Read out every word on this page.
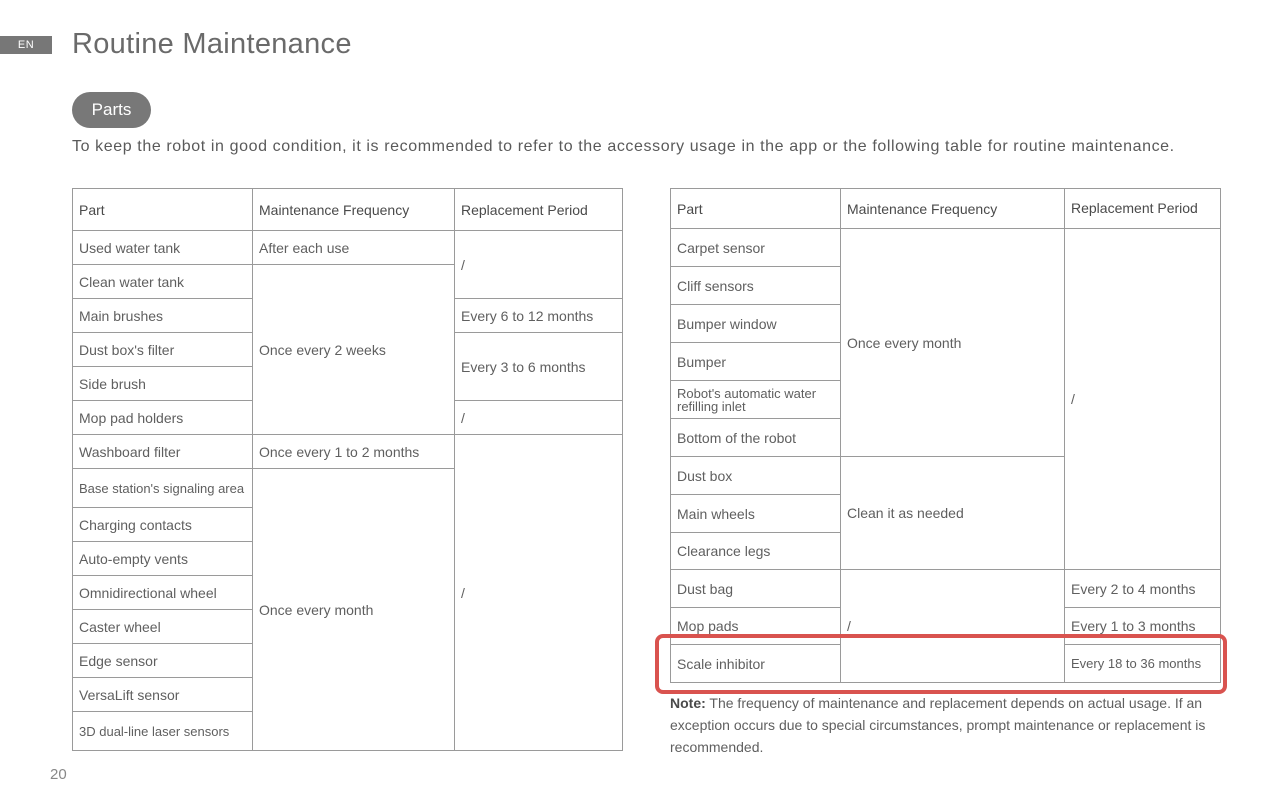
EN	Routine Maintenance
Parts

To keep the robot in good condition, it is recommended to refer to the accessory usage in the app or the following table for routine maintenance.

Part	Maintenance Frequency	Replacement Period
Used water tank	After each use	/
Clean water tank	Once every 2 weeks	
Main brushes		Every 6 to 12 months
Dust box's filter		Every 3 to 6 months
Side brush		
Mop pad holders		/
Washboard filter	Once every 1 to 2 months	/
Base station's signaling area	Once every month	
Charging contacts		
Auto-empty vents		
Omnidirectional wheel		
Caster wheel		
Edge sensor		
VersaLift sensor		
3D dual-line laser sensors		
Part	Maintenance Frequency	Replacement Period
Carpet sensor	Once every month	/
Cliff sensors		
Bumper window		
Bumper		
Robot's automatic water refilling inlet		
Bottom of the robot		
Dust box	Clean it as needed	
Main wheels		
Clearance legs		
Dust bag	/	Every 2 to 4 months
Mop pads		Every 1 to 3 months
Scale inhibitor		Every 18 to 36 months

Note: The frequency of maintenance and replacement depends on actual usage. If an exception occurs due to special circumstances, prompt maintenance or replacement is recommended.

20
